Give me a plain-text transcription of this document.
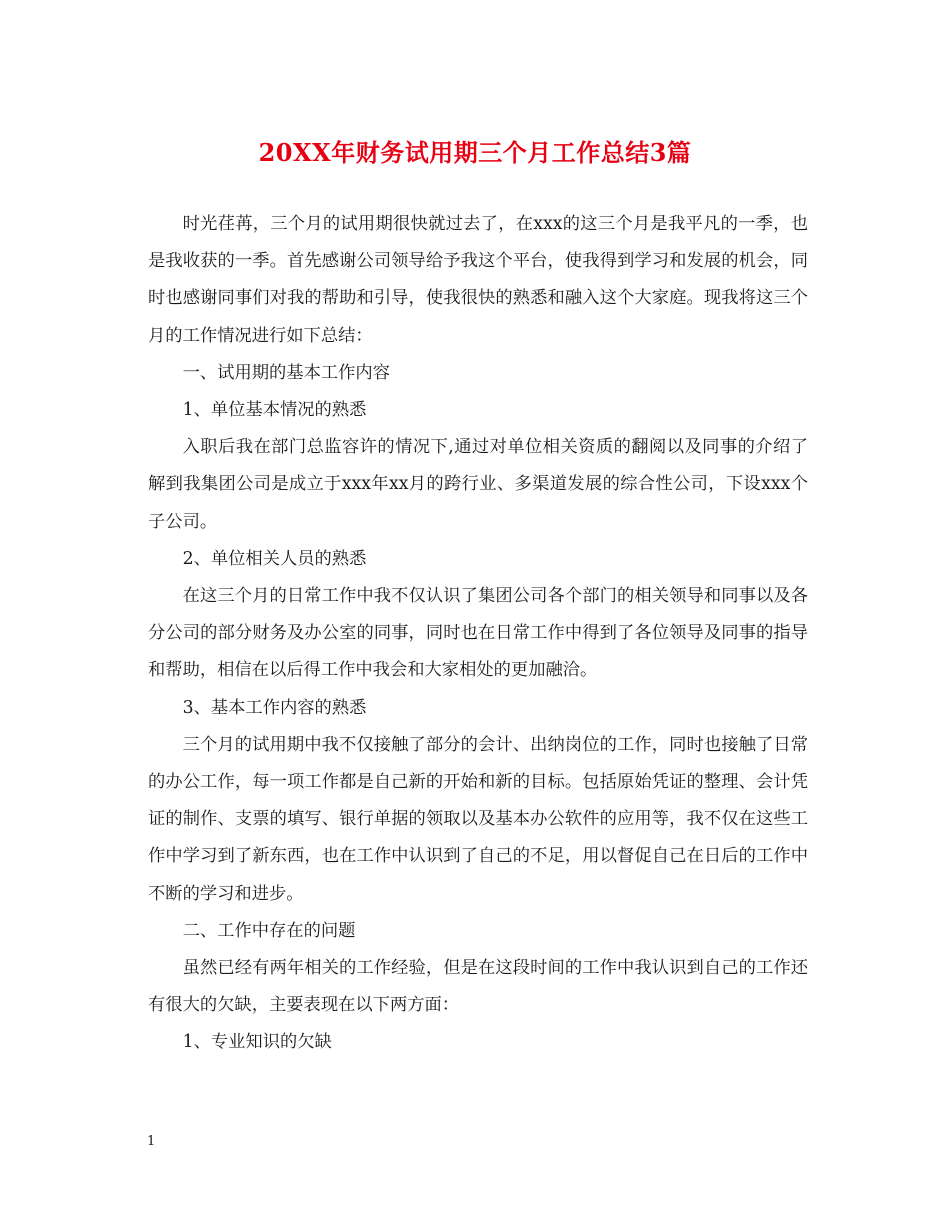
20XX年财务试用期三个月工作总结3篇

时光荏苒，三个月的试用期很快就过去了，在xxx的这三个月是我平凡的一季，也是我收获的一季。首先感谢公司领导给予我这个平台，使我得到学习和发展的机会，同时也感谢同事们对我的帮助和引导，使我很快的熟悉和融入这个大家庭。现我将这三个月的工作情况进行如下总结：

一、试用期的基本工作内容

1、单位基本情况的熟悉

入职后我在部门总监容许的情况下,通过对单位相关资质的翻阅以及同事的介绍了解到我集团公司是成立于xxx年xx月的跨行业、多渠道发展的综合性公司，下设xxx个子公司。

2、单位相关人员的熟悉

在这三个月的日常工作中我不仅认识了集团公司各个部门的相关领导和同事以及各分公司的部分财务及办公室的同事，同时也在日常工作中得到了各位领导及同事的指导和帮助，相信在以后得工作中我会和大家相处的更加融洽。

3、基本工作内容的熟悉

三个月的试用期中我不仅接触了部分的会计、出纳岗位的工作，同时也接触了日常的办公工作，每一项工作都是自己新的开始和新的目标。包括原始凭证的整理、会计凭证的制作、支票的填写、银行单据的领取以及基本办公软件的应用等，我不仅在这些工作中学习到了新东西，也在工作中认识到了自己的不足，用以督促自己在日后的工作中不断的学习和进步。

二、工作中存在的问题

虽然已经有两年相关的工作经验，但是在这段时间的工作中我认识到自己的工作还有很大的欠缺，主要表现在以下两方面：

1、专业知识的欠缺

1
